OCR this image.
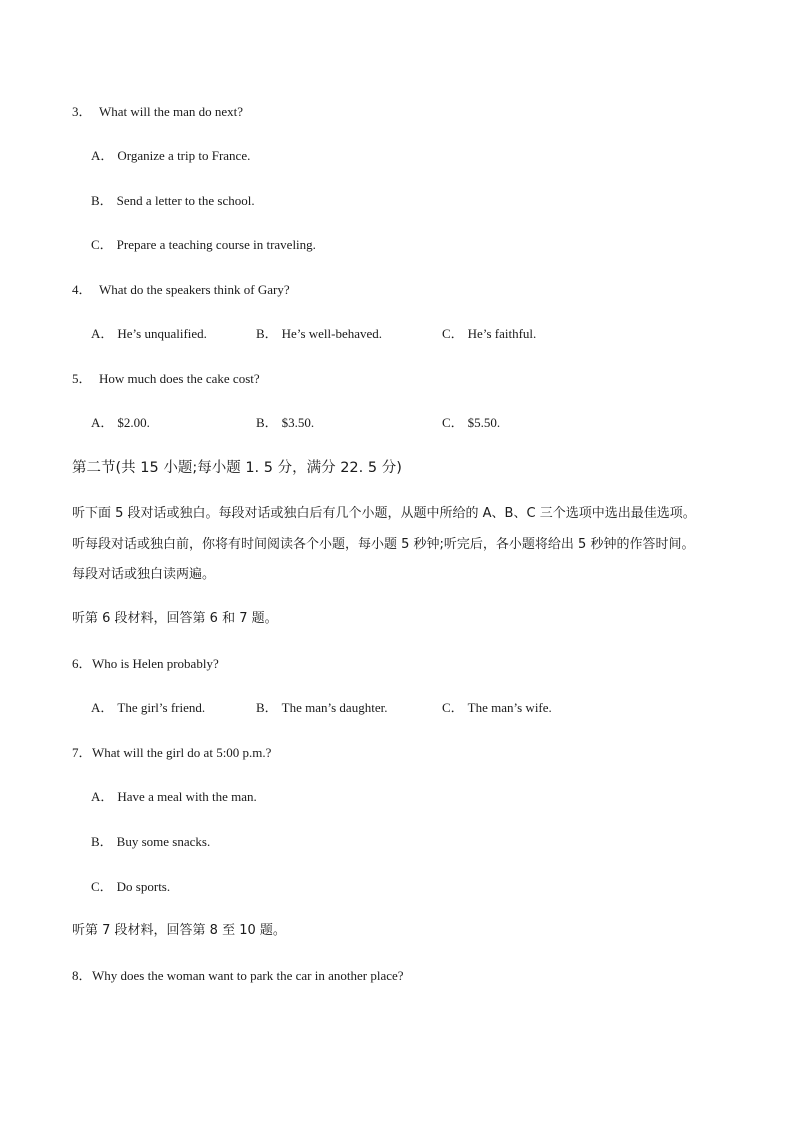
3． What will the man do next?
A． Organize a trip to France.
B． Send a letter to the school.
C． Prepare a teaching course in traveling.
4． What do the speakers think of Gary?
A． He’s unqualified.	B． He’s well-behaved.	C． He’s faithful.
5． How much does the cake cost?
A． $2.00.	B． $3.50.	C． $5.50.
第二节(共 15 小题;每小题 1. 5 分，满分 22. 5 分)
听下面 5 段对话或独白。每段对话或独白后有几个小题，从题中所给的 A、B、C 三个选项中选出最佳选项。
听每段对话或独白前，你将有时间阅读各个小题，每小题 5 秒钟;听完后，各小题将给出 5 秒钟的作答时间。
每段对话或独白读两遍。
听第 6 段材料，回答第 6 和 7 题。
6．Who is Helen probably?
A． The girl’s friend.	B． The man’s daughter.	C． The man’s wife.
7．What will the girl do at 5:00 p.m.?
A． Have a meal with the man.
B． Buy some snacks.
C． Do sports.
听第 7 段材料，回答第 8 至 10 题。
8．Why does the woman want to park the car in another place?
